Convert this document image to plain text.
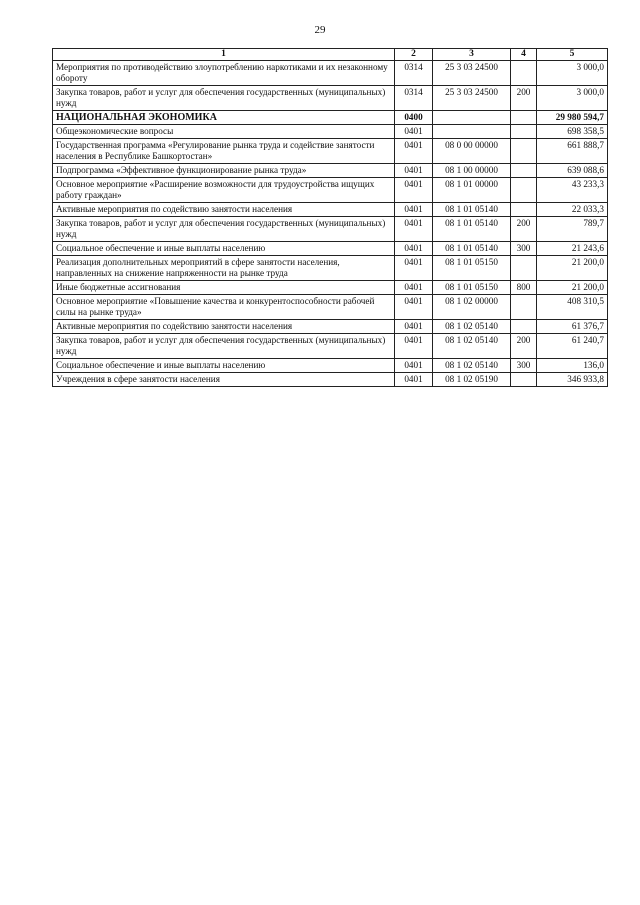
29
1	2	3	4	5
Мероприятия по противодействию злоупотреблению наркотиками и их незаконному обороту	0314	25 3 03 24500		3 000,0
Закупка товаров, работ и услуг для обеспечения государственных (муниципальных) нужд	0314	25 3 03 24500	200	3 000,0
НАЦИОНАЛЬНАЯ ЭКОНОМИКА	0400			29 980 594,7
Общеэкономические вопросы	0401			698 358,5
Государственная программа «Регулирование рынка труда и содействие занятости населения в Республике Башкортостан»	0401	08 0 00 00000		661 888,7
Подпрограмма «Эффективное функционирование рынка труда»	0401	08 1 00 00000		639 088,6
Основное мероприятие «Расширение возможности для трудоустройства ищущих работу граждан»	0401	08 1 01 00000		43 233,3
Активные мероприятия по содействию занятости населения	0401	08 1 01 05140		22 033,3
Закупка товаров, работ и услуг для обеспечения государственных (муниципальных) нужд	0401	08 1 01 05140	200	789,7
Социальное обеспечение и иные выплаты населению	0401	08 1 01 05140	300	21 243,6
Реализация дополнительных мероприятий в сфере занятости населения, направленных на снижение напряженности на рынке труда	0401	08 1 01 05150		21 200,0
Иные бюджетные ассигнования	0401	08 1 01 05150	800	21 200,0
Основное мероприятие «Повышение качества и конкурентоспособности рабочей силы на рынке труда»	0401	08 1 02 00000		408 310,5
Активные мероприятия по содействию занятости населения	0401	08 1 02 05140		61 376,7
Закупка товаров, работ и услуг для обеспечения государственных (муниципальных) нужд	0401	08 1 02 05140	200	61 240,7
Социальное обеспечение и иные выплаты населению	0401	08 1 02 05140	300	136,0
Учреждения в сфере занятости населения	0401	08 1 02 05190		346 933,8
